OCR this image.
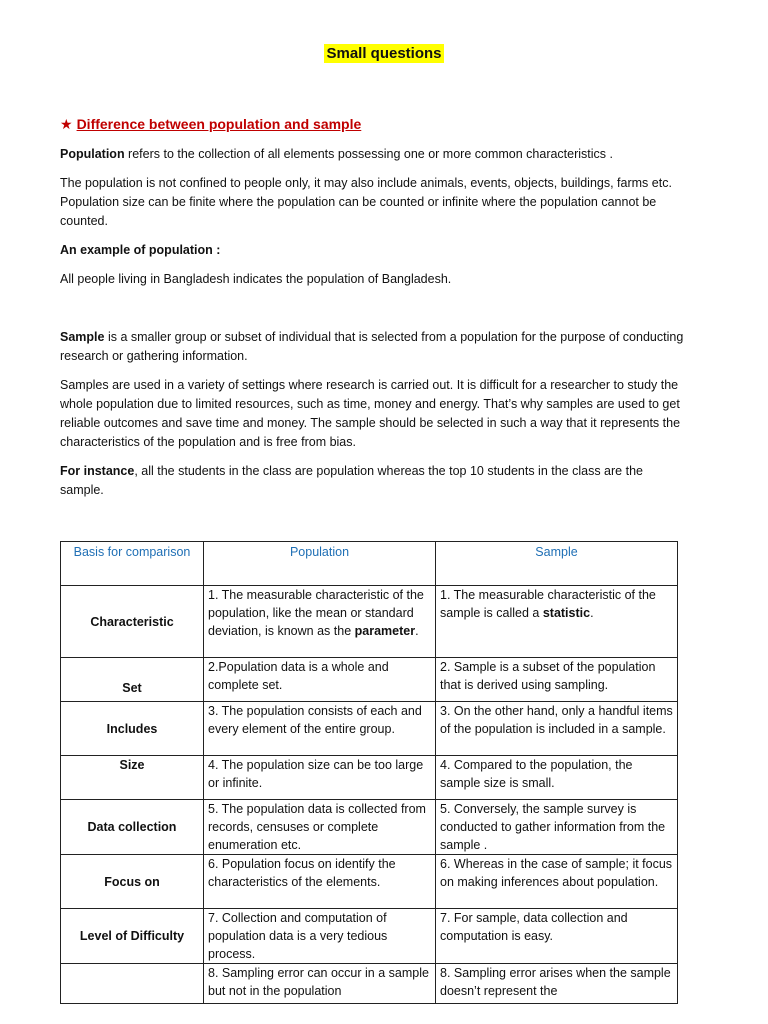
Small questions
★ Difference between population and sample

Population refers to the collection of all elements possessing one or more common characteristics .

The population is not confined to people only, it may also include animals, events, objects, buildings, farms etc. Population size can be finite where the population can be counted or infinite where the population cannot be counted.

An example of population :

All people living in Bangladesh indicates the population of Bangladesh.

Sample is a smaller group or subset of individual that is selected from a population for the purpose of conducting research or gathering information.

Samples are used in a variety of settings where research is carried out. It is difficult for a researcher to study the whole population due to limited resources, such as time, money and energy. That’s why samples are used to get reliable outcomes and save time and money. The sample should be selected in such a way that it represents the characteristics of the population and is free from bias.

For instance, all the students in the class are population whereas the top 10 students in the class are the sample.

Basis for comparison	Population	Sample
Characteristic	1. The measurable characteristic of the population, like the mean or standard deviation, is known as the parameter.	1. The measurable characteristic of the sample is called a statistic.
Set	2.Population data is a whole and complete set.	2. Sample is a subset of the population that is derived using sampling.
Includes	3. The population consists of each and every element of the entire group.	3. On the other hand, only a handful items of the population is included in a sample.
Size	4. The population size can be too large or infinite.	4. Compared to the population, the sample size is small.
Data collection	5. The population data is collected from records, censuses or complete enumeration etc.	5. Conversely, the sample survey is conducted to gather information from the sample .
Focus on	6. Population focus on identify the characteristics of the elements.	6. Whereas in the case of sample; it focus on making inferences about population.
Level of Difficulty	7. Collection and computation of population data is a very tedious process.	7. For sample, data collection and computation is easy.
	8. Sampling error can occur in a sample but not in the population	8. Sampling error arises when the sample doesn’t represent the
